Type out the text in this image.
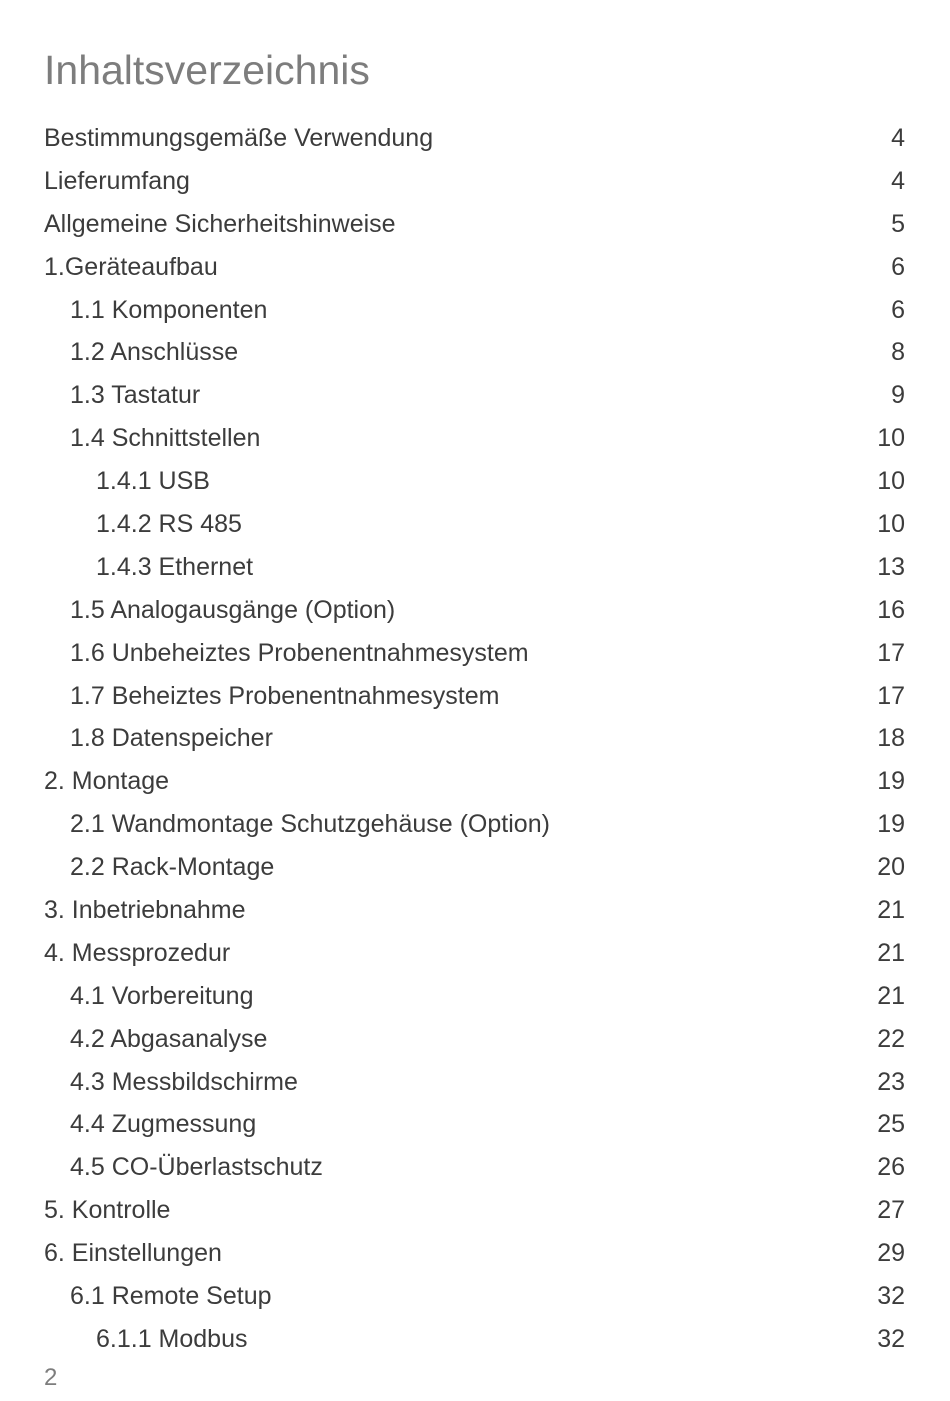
Inhaltsverzeichnis
Bestimmungsgemäße Verwendung	4
Lieferumfang	4
Allgemeine Sicherheitshinweise	5
1.Geräteaufbau	6
1.1 Komponenten	6
1.2 Anschlüsse	8
1.3 Tastatur	9
1.4 Schnittstellen	10
1.4.1 USB	10
1.4.2 RS 485	10
1.4.3 Ethernet	13
1.5 Analogausgänge (Option)	16
1.6 Unbeheiztes Probenentnahmesystem	17
1.7 Beheiztes Probenentnahmesystem	17
1.8 Datenspeicher	18
2. Montage	19
2.1 Wandmontage Schutzgehäuse (Option)	19
2.2 Rack-Montage	20
3. Inbetriebnahme	21
4. Messprozedur	21
4.1 Vorbereitung	21
4.2 Abgasanalyse	22
4.3 Messbildschirme	23
4.4 Zugmessung	25
4.5 CO-Überlastschutz	26
5. Kontrolle	27
6. Einstellungen	29
6.1 Remote Setup	32
6.1.1 Modbus	32
2
